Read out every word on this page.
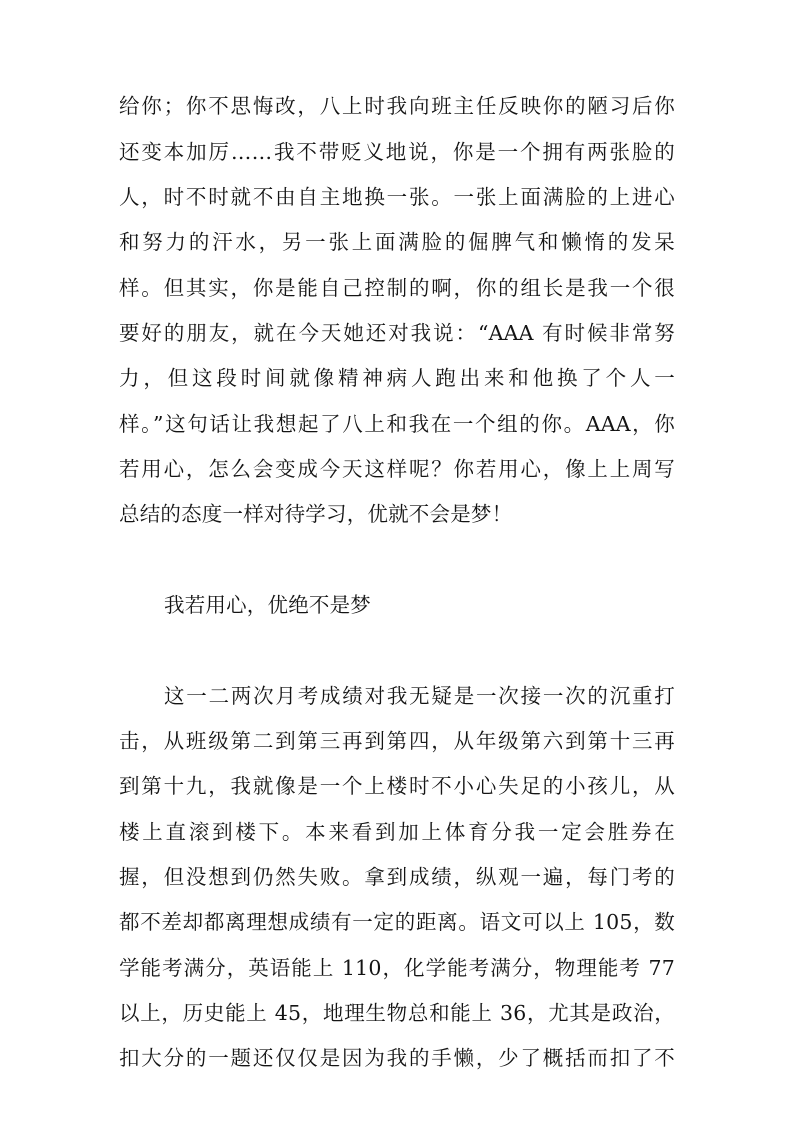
给你；你不思悔改，八上时我向班主任反映你的陋习后你
还变本加厉……我不带贬义地说，你是一个拥有两张脸的
人，时不时就不由自主地换一张。一张上面满脸的上进心
和努力的汗水，另一张上面满脸的倔脾气和懒惰的发呆
样。但其实，你是能自己控制的啊，你的组长是我一个很
要好的朋友，就在今天她还对我说：“AAA 有时候非常努
力，但这段时间就像精神病人跑出来和他换了个人一
样。”这句话让我想起了八上和我在一个组的你。AAA，你
若用心，怎么会变成今天这样呢？你若用心，像上上周写
总结的态度一样对待学习，优就不会是梦！
我若用心，优绝不是梦
这一二两次月考成绩对我无疑是一次接一次的沉重打
击，从班级第二到第三再到第四，从年级第六到第十三再
到第十九，我就像是一个上楼时不小心失足的小孩儿，从
楼上直滚到楼下。本来看到加上体育分我一定会胜券在
握，但没想到仍然失败。拿到成绩，纵观一遍，每门考的
都不差却都离理想成绩有一定的距离。语文可以上 105，数
学能考满分，英语能上 110，化学能考满分，物理能考 77
以上，历史能上 45，地理生物总和能上 36，尤其是政治，
扣大分的一题还仅仅是因为我的手懒，少了概括而扣了不
